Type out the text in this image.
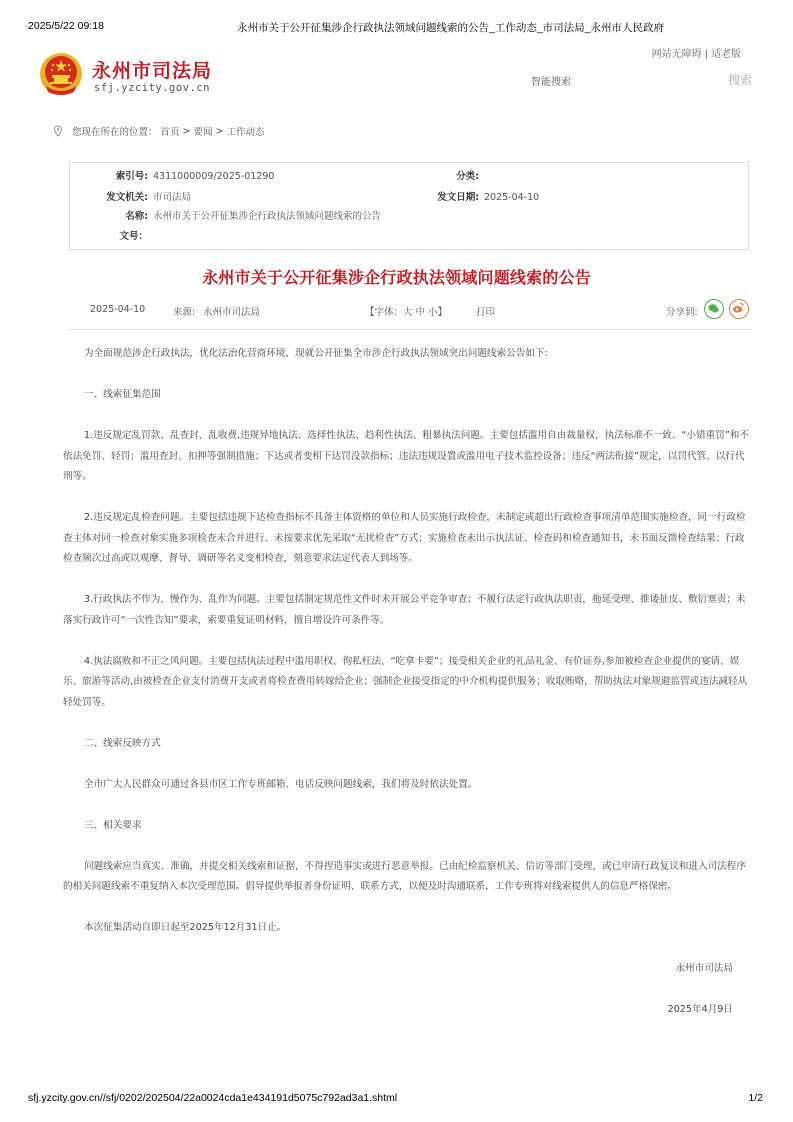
2025/5/22 09:18	永州市关于公开征集涉企行政执法领域问题线索的公告_工作动态_市司法局_永州市人民政府
网站无障碍 | 适老版
永州市司法局
sfj.yzcity.gov.cn	智能搜索	搜索
您现在所在的位置： 首页 > 要闻 > 工作动态
索引号: 4311000009/2025-01290	分类:
发文机关: 市司法局	发文日期: 2025-04-10
名称: 永州市关于公开征集涉企行政执法领域问题线索的公告
文号：
永州市关于公开征集涉企行政执法领域问题线索的公告
2025-04-10	来源: 永州市司法局	【字体：大 中 小】	打印	分享到:

为全面规范涉企行政执法，优化法治化营商环境，现就公开征集全市涉企行政执法领域突出问题线索公告如下:

一、线索征集范围

1.违反规定乱罚款、乱查封、乱收费,违规异地执法、选择性执法、趋利性执法、粗暴执法问题。主要包括滥用自由裁量权，执法标准不一致、“小错重罚”和不依法免罚、轻罚；滥用查封、扣押等强制措施；下达或者变相下达罚没款指标；违法违规设置或滥用电子技术监控设备；违反“两法衔接”规定，以罚代管、以行代刑等。

2.违反规定乱检查问题。主要包括违规下达检查指标不具备主体资格的单位和人员实施行政检查，未制定或超出行政检查事项清单范围实施检查，同一行政检查主体对同一检查对象实施多项检查未合并进行、未按要求优先采取“无扰检查”方式；实施检查未出示执法证、检查码和检查通知书，未书面反馈检查结果；行政检查频次过高或以观摩、督导、调研等名义变相检查，刻意要求法定代表人到场等。

3.行政执法不作为、慢作为、乱作为问题。主要包括制定规范性文件时未开展公平竞争审查；不履行法定行政执法职责，拖延受理、推诿扯皮、敷衍塞责；未落实行政许可“一次性告知”要求，索要重复证明材料，擅自增设许可条件等。

4.执法腐败和不正之风问题。主要包括执法过程中滥用职权、徇私枉法、“吃拿卡要”；接受相关企业的礼品礼金、有价证券,参加被检查企业提供的宴请、娱乐、旅游等活动,由被检查企业支付消费开支或者将检查费用转嫁给企业；强制企业接受指定的中介机构提供服务；收取贿赂，帮助执法对象规避监管或违法减轻从轻处罚等。

二、线索反映方式

全市广大人民群众可通过各县市区工作专班邮箱、电话反映问题线索，我们将及时依法处置。

三、相关要求

问题线索应当真实、准确，并提交相关线索和证据，不得捏造事实或进行恶意举报。已由纪检监察机关、信访等部门受理，或已申请行政复议和进入司法程序的相关问题线索不重复纳入本次受理范围。倡导提供举报者身份证明、联系方式，以便及时沟通联系，工作专班将对线索提供人的信息严格保密。

本次征集活动自即日起至2025年12月31日止。

永州市司法局

2025年4月9日

sfj.yzcity.gov.cn//sfj/0202/202504/22a0024cda1e434191d5075c792ad3a1.shtml	1/2
